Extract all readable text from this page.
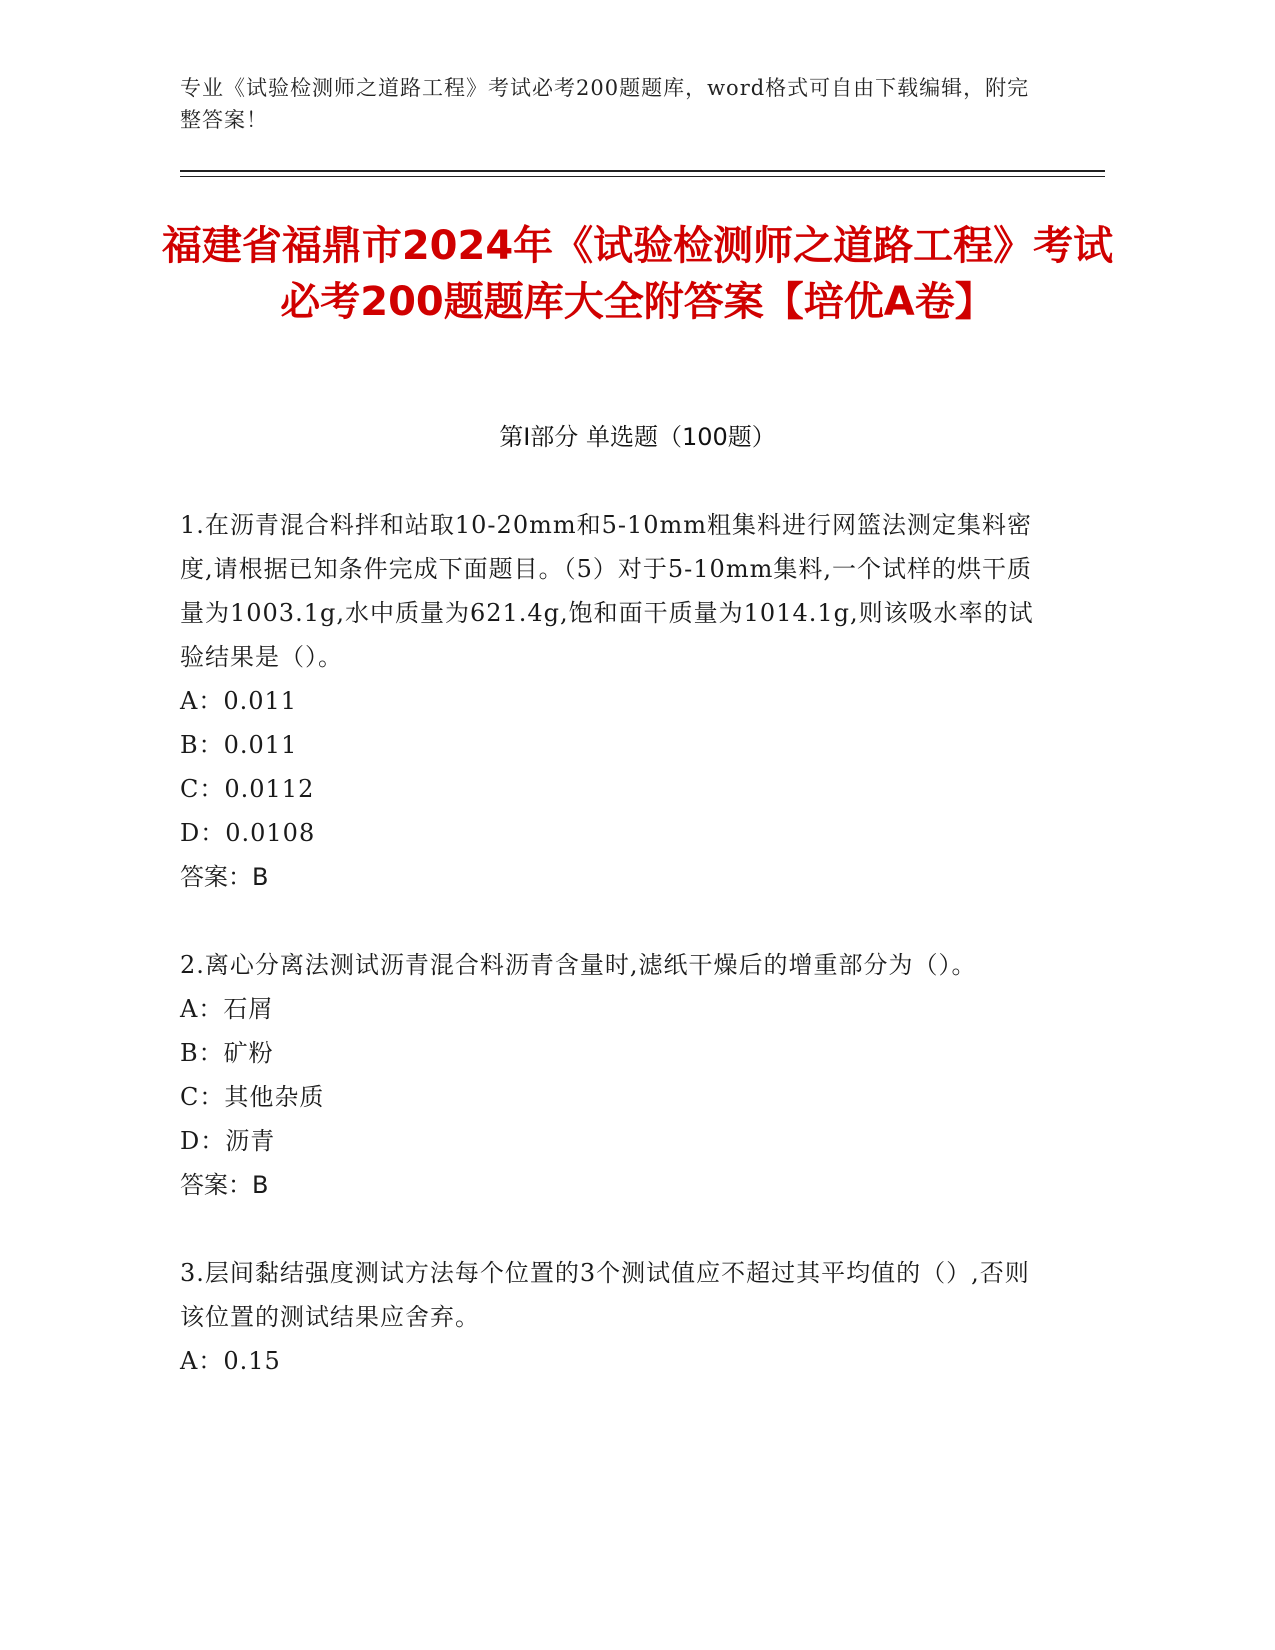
专业《试验检测师之道路工程》考试必考200题题库，word格式可自由下载编辑，附完整答案！
福建省福鼎市2024年《试验检测师之道路工程》考试必考200题题库大全附答案【培优A卷】
第I部分 单选题（100题）

1.在沥青混合料拌和站取10-20mm和5-10mm粗集料进行网篮法测定集料密度,请根据已知条件完成下面题目。（5）对于5-10mm集料,一个试样的烘干质量为1003.1g,水中质量为621.4g,饱和面干质量为1014.1g,则该吸水率的试验结果是（）。

A：0.011

B：0.011

C：0.0112

D：0.0108

答案：B

2.离心分离法测试沥青混合料沥青含量时,滤纸干燥后的增重部分为（）。

A：石屑

B：矿粉

C：其他杂质

D：沥青

答案：B

3.层间黏结强度测试方法每个位置的3个测试值应不超过其平均值的（）,否则该位置的测试结果应舍弃。

A：0.15
